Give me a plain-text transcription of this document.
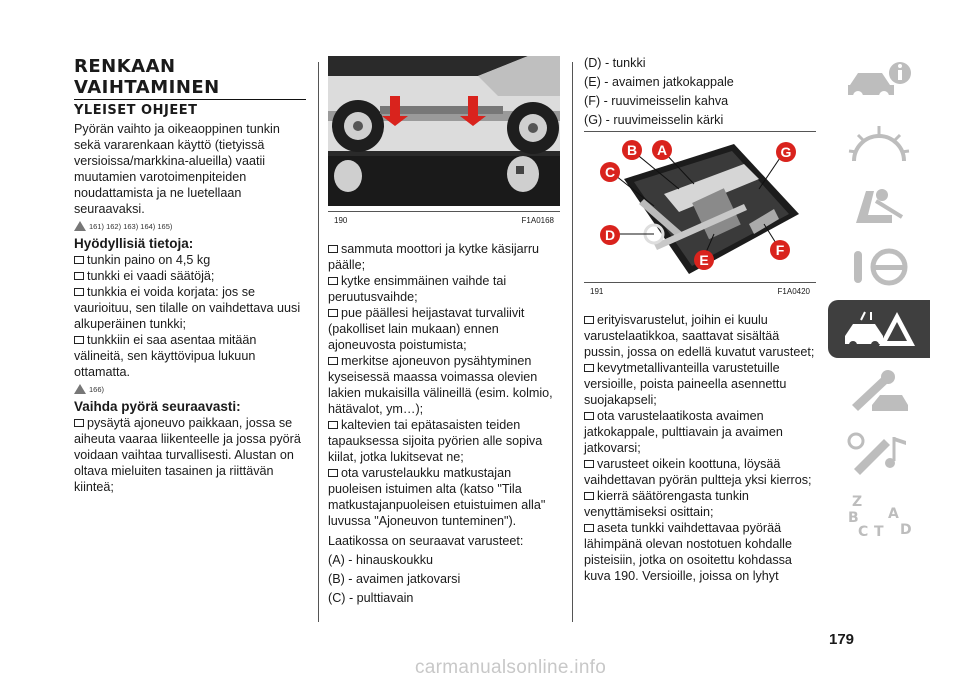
RENKAAN
VAIHTAMINEN
YLEISET OHJEET

Pyörän vaihto ja oikeaoppinen tunkin sekä vararenkaan käyttö (tietyissä versioissa/markkina-alueilla) vaatii muutamien varotoimenpiteiden noudattamista ja ne luetellaan seuraavaksi.

161) 162) 163) 164) 165)
Hyödyllisiä tietoja:

tunkin paino on 4,5 kg

tunkki ei vaadi säätöjä;

tunkkia ei voida korjata: jos se vaurioituu, sen tilalle on vaihdettava uusi alkuperäinen tunkki;

tunkkiin ei saa asentaa mitään välineitä, sen käyttövipua lukuun ottamatta.

166)
Vaihda pyörä seuraavasti:

pysäytä ajoneuvo paikkaan, jossa se aiheuta vaaraa liikenteelle ja jossa pyörä voidaan vaihtaa turvallisesti. Alustan on oltava mieluiten tasainen ja riittävän kiinteä;

190	F1A0168

sammuta moottori ja kytke käsijarru päälle;

kytke ensimmäinen vaihde tai peruutusvaihde;

pue päällesi heijastavat turvaliivit (pakolliset lain mukaan) ennen ajoneuvosta poistumista;

merkitse ajoneuvon pysähtyminen kyseisessä maassa voimassa olevien lakien mukaisilla välineillä (esim. kolmio, hätävalot, ym…);

kaltevien tai epätasaisten teiden tapauksessa sijoita pyörien alle sopiva kiilat, jotka lukitsevat ne;

ota varustelaukku matkustajan puoleisen istuimen alta (katso "Tila matkustajanpuoleisen etuistuimen alla" luvussa "Ajoneuvon tunteminen").

Laatikossa on seuraavat varusteet:

(A) - hinauskoukku

(B) - avaimen jatkovarsi

(C) - pulttiavain

(D) - tunkki

(E) - avaimen jatkokappale

(F) - ruuvimeisselin kahva

(G) - ruuvimeisselin kärki

B	A
C
D
E
F
G
191	F1A0420

erityisvarustelut, joihin ei kuulu varustelaatikkoa, saattavat sisältää pussin, jossa on edellä kuvatut varusteet;

kevytmetallivanteilla varustetuille versioille, poista paineella asennettu suojakapseli;

ota varustelaatikosta avaimen jatkokappale, pulttiavain ja avaimen jatkovarsi;

varusteet oikein koottuna, löysää vaihdettavan pyörän pultteja yksi kierros;

kierrä säätörengasta tunkin venyttämiseksi osittain;

aseta tunkki vaihdettavaa pyörää lähimpänä olevan nostotuen kohdalle pisteisiin, jotka on osoitettu kohdassa kuva 190. Versioille, joissa on lyhyt

Z
B
C
A
T D
179
carmanualsonline.info
